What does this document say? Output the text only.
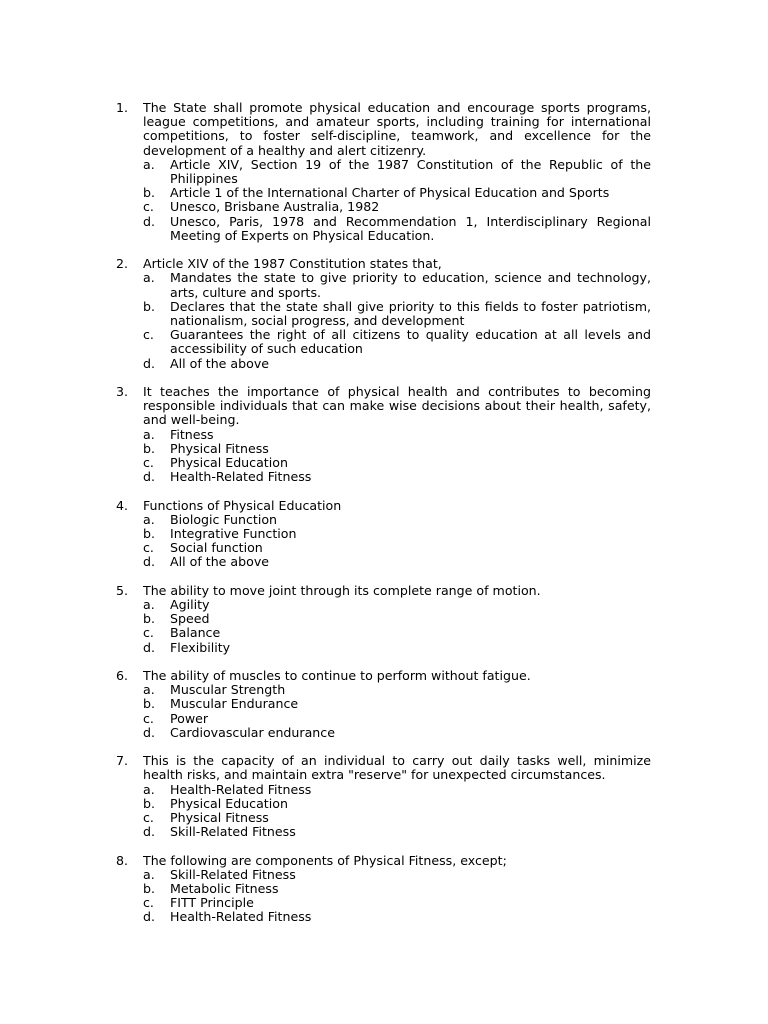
1. The State shall promote physical education and encourage sports programs, league competitions, and amateur sports, including training for international competitions, to foster self-discipline, teamwork, and excellence for the development of a healthy and alert citizenry.
a. Article XIV, Section 19 of the 1987 Constitution of the Republic of the Philippines
b. Article 1 of the International Charter of Physical Education and Sports
c. Unesco, Brisbane Australia, 1982
d. Unesco, Paris, 1978 and Recommendation 1, Interdisciplinary Regional Meeting of Experts on Physical Education.
2. Article XIV of the 1987 Constitution states that,
a. Mandates the state to give priority to education, science and technology, arts, culture and sports.
b. Declares that the state shall give priority to this fields to foster patriotism, nationalism, social progress, and development
c. Guarantees the right of all citizens to quality education at all levels and accessibility of such education
d. All of the above
3. It teaches the importance of physical health and contributes to becoming responsible individuals that can make wise decisions about their health, safety, and well-being.
a. Fitness
b. Physical Fitness
c. Physical Education
d. Health-Related Fitness
4. Functions of Physical Education
a. Biologic Function
b. Integrative Function
c. Social function
d. All of the above
5. The ability to move joint through its complete range of motion.
a. Agility
b. Speed
c. Balance
d. Flexibility
6. The ability of muscles to continue to perform without fatigue.
a. Muscular Strength
b. Muscular Endurance
c. Power
d. Cardiovascular endurance
7. This is the capacity of an individual to carry out daily tasks well, minimize health risks, and maintain extra "reserve" for unexpected circumstances.
a. Health-Related Fitness
b. Physical Education
c. Physical Fitness
d. Skill-Related Fitness
8. The following are components of Physical Fitness, except;
a. Skill-Related Fitness
b. Metabolic Fitness
c. FITT Principle
d. Health-Related Fitness
